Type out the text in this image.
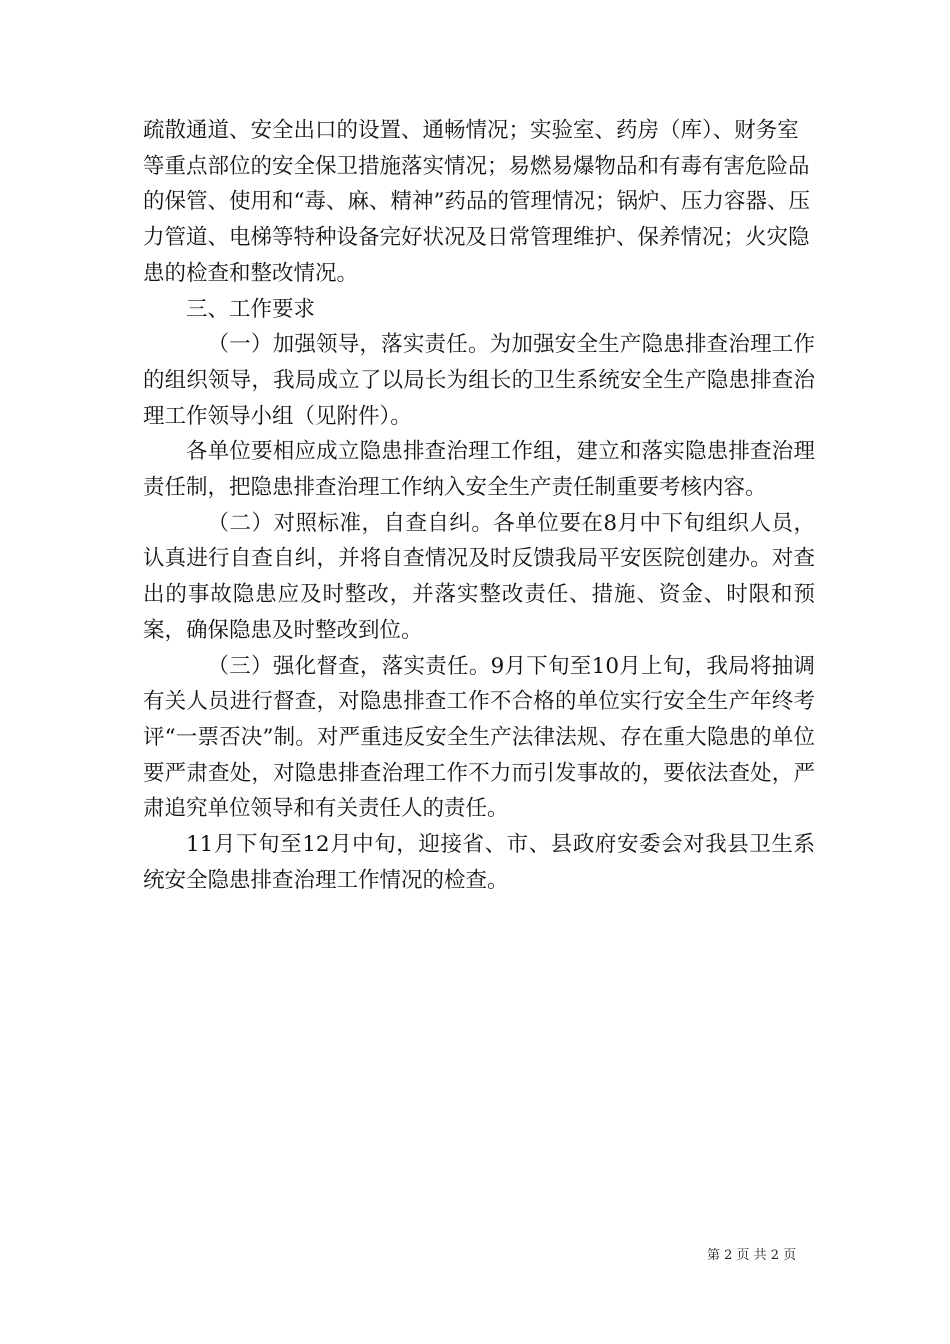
疏散通道、安全出口的设置、通畅情况；实验室、药房（库）、财务室等重点部位的安全保卫措施落实情况；易燃易爆物品和有毒有害危险品的保管、使用和“毒、麻、精神”药品的管理情况；锅炉、压力容器、压力管道、电梯等特种设备完好状况及日常管理维护、保养情况；火灾隐患的检查和整改情况。

三、工作要求

（一）加强领导，落实责任。为加强安全生产隐患排查治理工作的组织领导，我局成立了以局长为组长的卫生系统安全生产隐患排查治理工作领导小组（见附件）。

各单位要相应成立隐患排查治理工作组，建立和落实隐患排查治理责任制，把隐患排查治理工作纳入安全生产责任制重要考核内容。

（二）对照标准，自查自纠。各单位要在8月中下旬组织人员，认真进行自查自纠，并将自查情况及时反馈我局平安医院创建办。对查出的事故隐患应及时整改，并落实整改责任、措施、资金、时限和预案，确保隐患及时整改到位。

（三）强化督查，落实责任。9月下旬至10月上旬，我局将抽调有关人员进行督查，对隐患排查工作不合格的单位实行安全生产年终考评“一票否决”制。对严重违反安全生产法律法规、存在重大隐患的单位要严肃查处，对隐患排查治理工作不力而引发事故的，要依法查处，严肃追究单位领导和有关责任人的责任。

11月下旬至12月中旬，迎接省、市、县政府安委会对我县卫生系统安全隐患排查治理工作情况的检查。

第 2 页 共 2 页
